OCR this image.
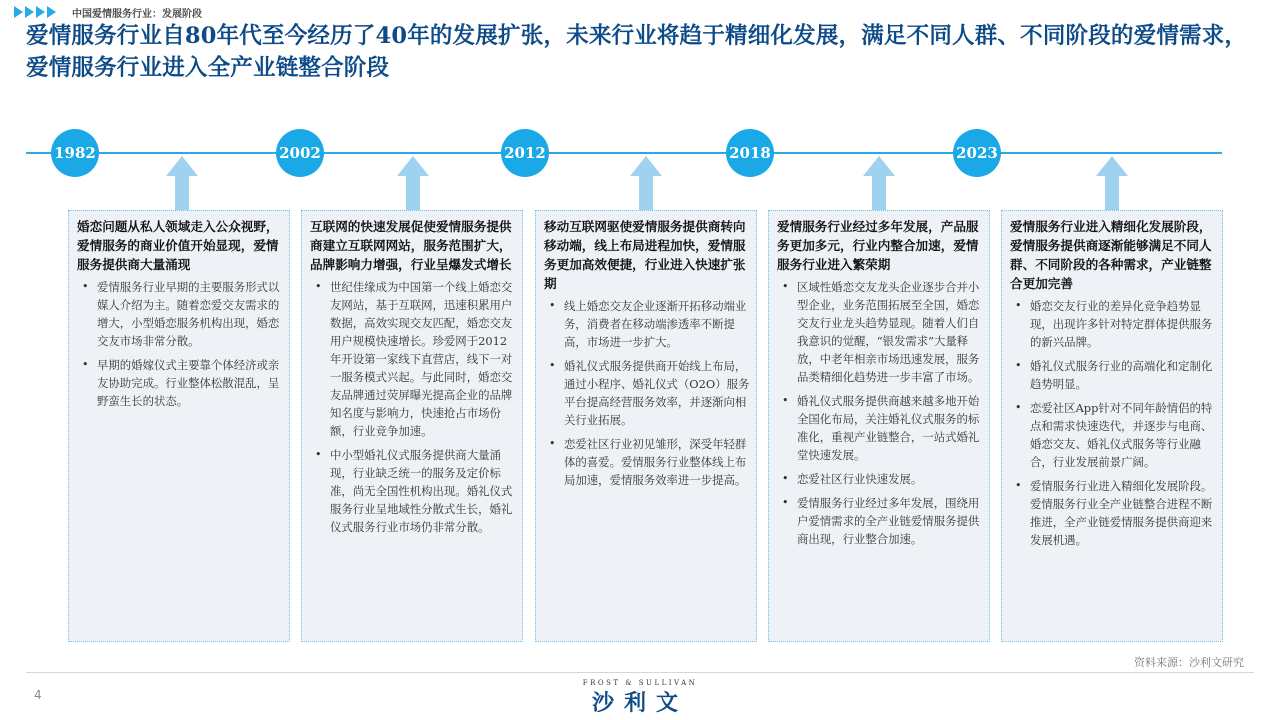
中国爱情服务行业：发展阶段
爱情服务行业自80年代至今经历了40年的发展扩张，未来行业将趋于精细化发展，满足不同人群、不同阶段的爱情需求，爱情服务行业进入全产业链整合阶段
1982	2002	2012	2018	2023
婚恋问题从私人领域走入公众视野，爱情服务的商业价值开始显现，爱情服务提供商大量涌现
• 爱情服务行业早期的主要服务形式以媒人介绍为主。随着恋爱交友需求的增大，小型婚恋服务机构出现，婚恋交友市场非常分散。
• 早期的婚嫁仪式主要靠个体经济或亲友协助完成。行业整体松散混乱，呈野蛮生长的状态。
互联网的快速发展促使爱情服务提供商建立互联网网站，服务范围扩大，品牌影响力增强，行业呈爆发式增长
• 世纪佳缘成为中国第一个线上婚恋交友网站，基于互联网，迅速积累用户数据，高效实现交友匹配，婚恋交友用户规模快速增长。珍爱网于2012年开设第一家线下直营店，线下一对一服务模式兴起。与此同时，婚恋交友品牌通过荧屏曝光提高企业的品牌知名度与影响力，快速抢占市场份额，行业竞争加速。
• 中小型婚礼仪式服务提供商大量涌现，行业缺乏统一的服务及定价标准，尚无全国性机构出现。婚礼仪式服务行业呈地域性分散式生长，婚礼仪式服务行业市场仍非常分散。
移动互联网驱使爱情服务提供商转向移动端，线上布局进程加快，爱情服务更加高效便捷，行业进入快速扩张期
• 线上婚恋交友企业逐渐开拓移动端业务，消费者在移动端渗透率不断提高，市场进一步扩大。
• 婚礼仪式服务提供商开始线上布局，通过小程序、婚礼仪式（O2O）服务平台提高经营服务效率，并逐渐向相关行业拓展。
• 恋爱社区行业初见雏形，深受年轻群体的喜爱。爱情服务行业整体线上布局加速，爱情服务效率进一步提高。
爱情服务行业经过多年发展，产品服务更加多元，行业内整合加速，爱情服务行业进入繁荣期
• 区域性婚恋交友龙头企业逐步合并小型企业，业务范围拓展至全国，婚恋交友行业龙头趋势显现。随着人们自我意识的觉醒，“银发需求”大量释放，中老年相亲市场迅速发展，服务品类精细化趋势进一步丰富了市场。
• 婚礼仪式服务提供商越来越多地开始全国化布局，关注婚礼仪式服务的标准化，重视产业链整合，一站式婚礼堂快速发展。
• 恋爱社区行业快速发展。
• 爱情服务行业经过多年发展，围绕用户爱情需求的全产业链爱情服务提供商出现，行业整合加速。
爱情服务行业进入精细化发展阶段，爱情服务提供商逐渐能够满足不同人群、不同阶段的各种需求，产业链整合更加完善
• 婚恋交友行业的差异化竞争趋势显现，出现许多针对特定群体提供服务的新兴品牌。
• 婚礼仪式服务行业的高端化和定制化趋势明显。
• 恋爱社区App针对不同年龄情侣的特点和需求快速迭代，并逐步与电商、婚恋交友、婚礼仪式服务等行业融合，行业发展前景广阔。
• 爱情服务行业进入精细化发展阶段。爱情服务行业全产业链整合进程不断推进，全产业链爱情服务提供商迎来发展机遇。
资料来源：沙利文研究
4
FROST & SULLIVAN
沙利文
